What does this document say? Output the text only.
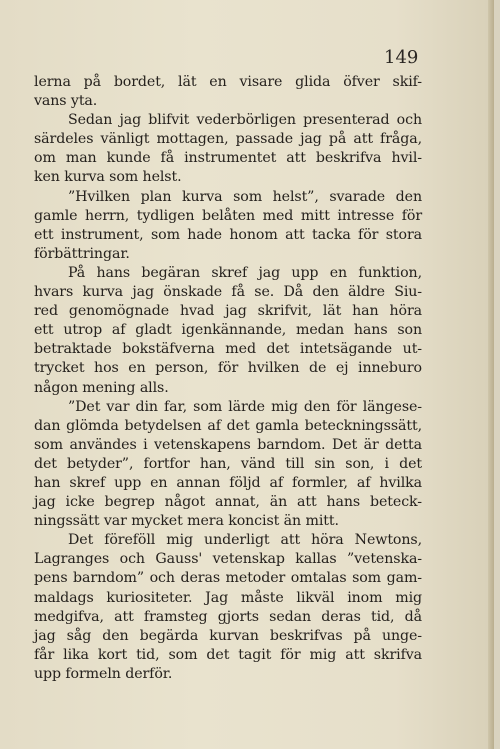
149
lerna på bordet, lät en visare glida öfver skif-
vans yta.
Sedan jag blifvit vederbörligen presenterad och
särdeles vänligt mottagen, passade jag på att fråga,
om man kunde få instrumentet att beskrifva hvil-
ken kurva som helst.
”Hvilken plan kurva som helst”, svarade den
gamle herrn, tydligen belåten med mitt intresse för
ett instrument, som hade honom att tacka för stora
förbättringar.
På hans begäran skref jag upp en funktion,
hvars kurva jag önskade få se. Då den äldre Siu-
red genomögnade hvad jag skrifvit, lät han höra
ett utrop af gladt igenkännande, medan hans son
betraktade bokstäfverna med det intetsägande ut-
trycket hos en person, för hvilken de ej inneburo
någon mening alls.
”Det var din far, som lärde mig den för längese-
dan glömda betydelsen af det gamla beteckningssätt,
som användes i vetenskapens barndom. Det är detta
det betyder”, fortfor han, vänd till sin son, i det
han skref upp en annan följd af formler, af hvilka
jag icke begrep något annat, än att hans beteck-
ningssätt var mycket mera koncist än mitt.
Det föreföll mig underligt att höra Newtons,
Lagranges och Gauss' vetenskap kallas ”vetenska-
pens barndom” och deras metoder omtalas som gam-
maldags kuriositeter. Jag måste likväl inom mig
medgifva, att framsteg gjorts sedan deras tid, då
jag såg den begärda kurvan beskrifvas på unge-
får lika kort tid, som det tagit för mig att skrifva
upp formeln derför.
